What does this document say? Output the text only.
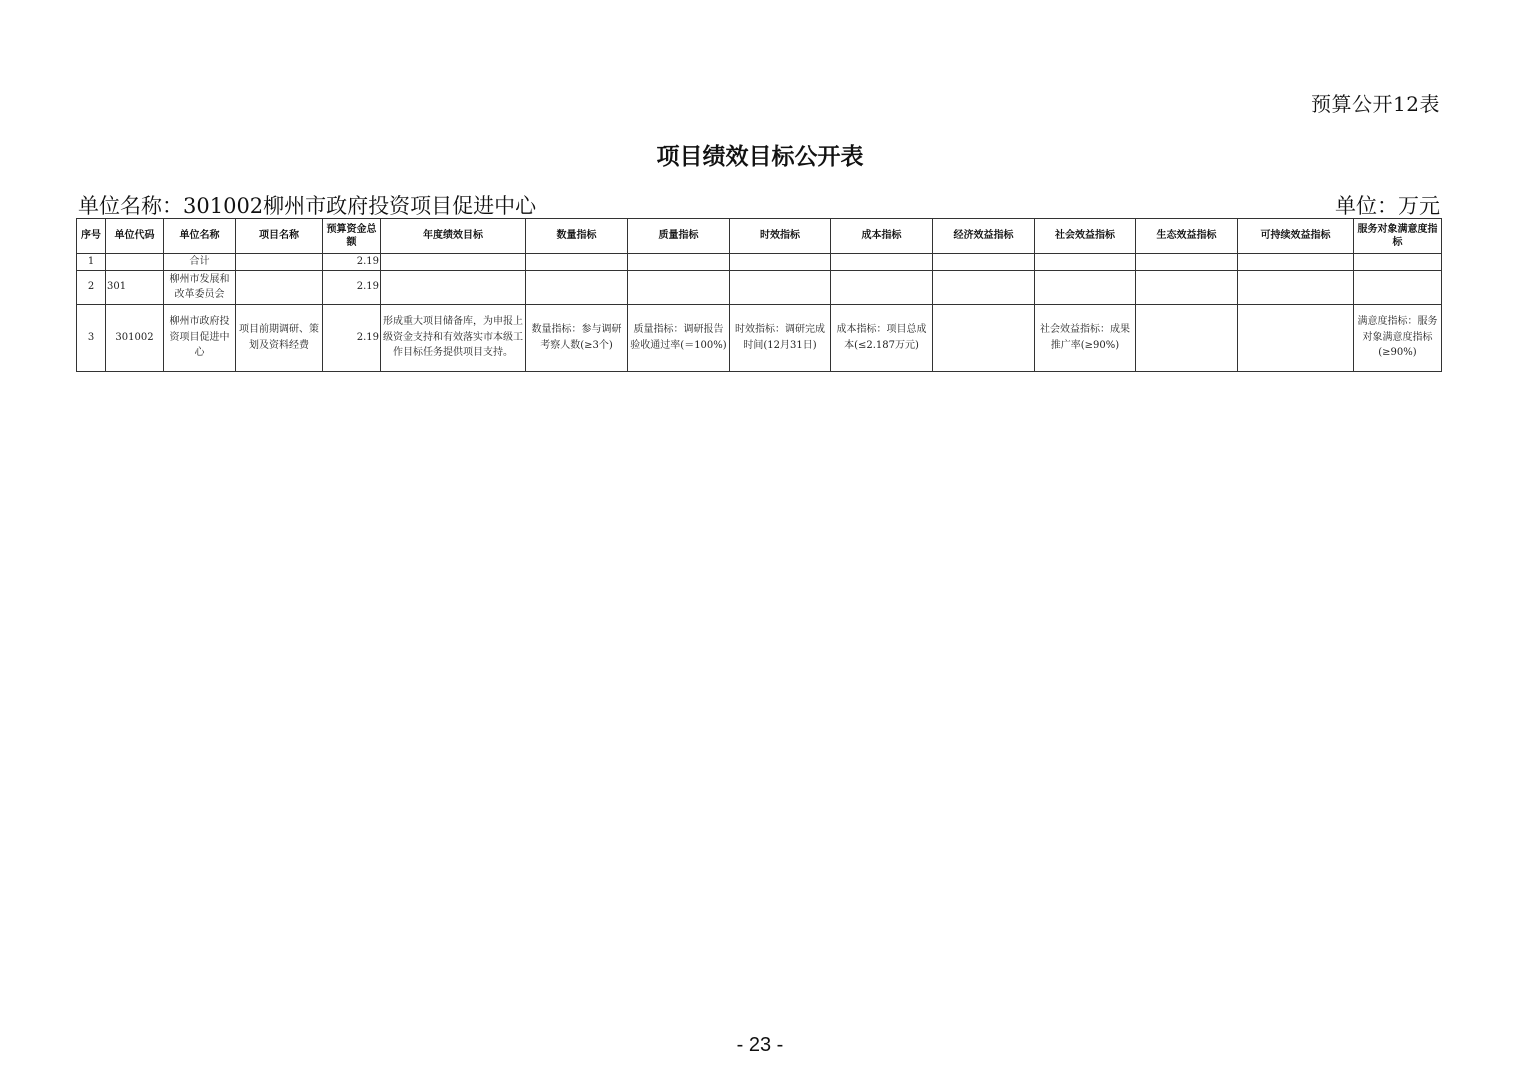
预算公开12表
项目绩效目标公开表
单位名称：301002柳州市政府投资项目促进中心	单位：万元
序号	单位代码	单位名称	项目名称	预算资金总额	年度绩效目标	数量指标	质量指标	时效指标	成本指标	经济效益指标	社会效益指标	生态效益指标	可持续效益指标	服务对象满意度指标
1		合计		2.19										
2	301	柳州市发展和改革委员会		2.19										
3	301002	柳州市政府投资项目促进中心	项目前期调研、策划及资料经费	2.19	形成重大项目储备库，为申报上级资金支持和有效落实市本级工作目标任务提供项目支持。	数量指标：参与调研考察人数(≥3个)	质量指标：调研报告验收通过率(＝100%)	时效指标：调研完成时间(12月31日)	成本指标：项目总成本(≤2.187万元)		社会效益指标：成果推广率(≥90%)			满意度指标：服务对象满意度指标(≥90%)
- 23 -
